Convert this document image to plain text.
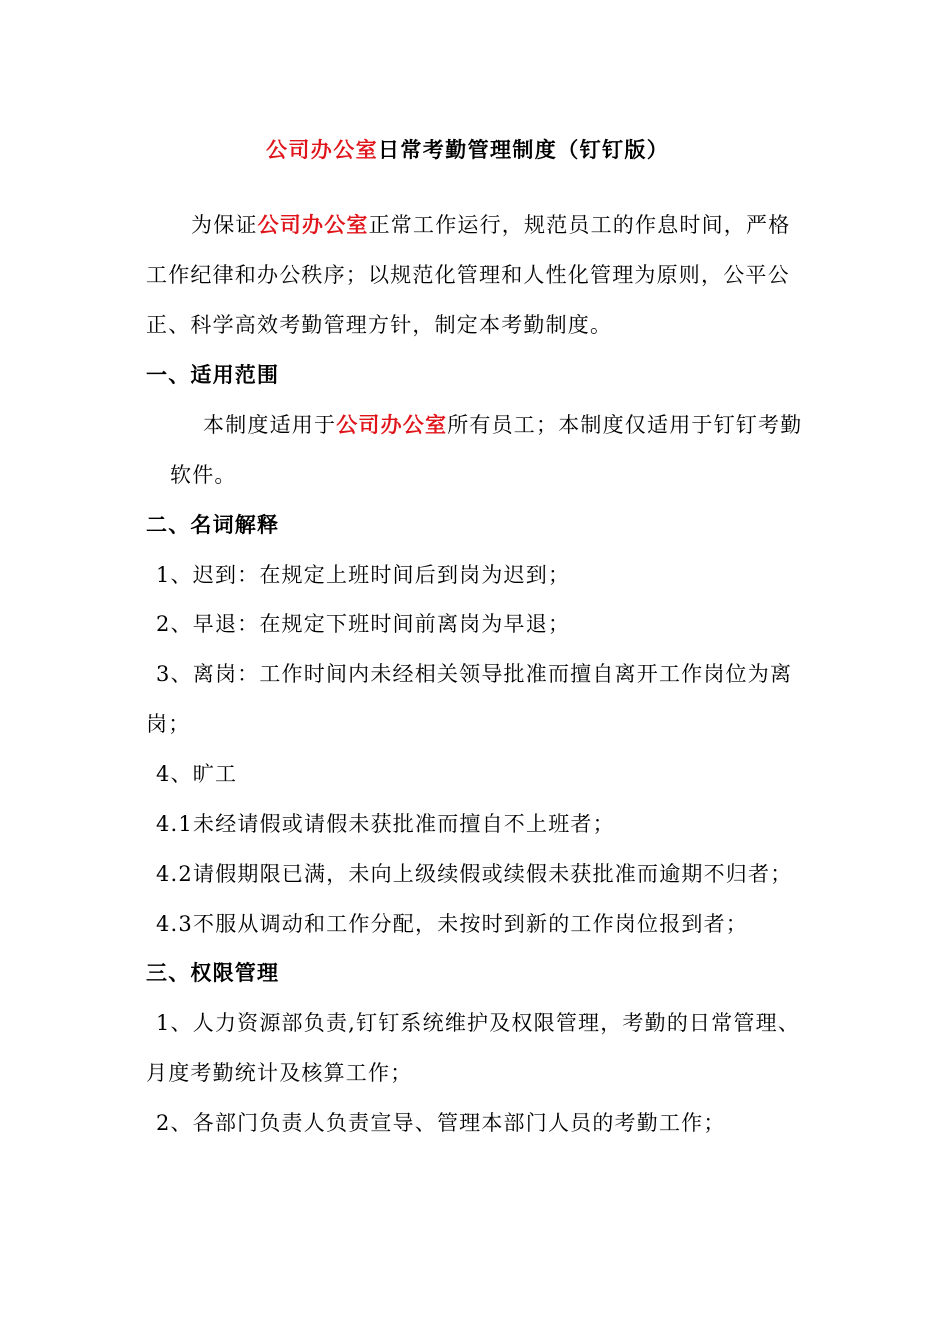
公司办公室日常考勤管理制度（钉钉版）
为保证公司办公室正常工作运行，规范员工的作息时间，严格
工作纪律和办公秩序；以规范化管理和人性化管理为原则，公平公
正、科学高效考勤管理方针，制定本考勤制度。
一、适用范围
本制度适用于公司办公室所有员工；本制度仅适用于钉钉考勤
软件。
二、名词解释
1、迟到：在规定上班时间后到岗为迟到；
2、早退：在规定下班时间前离岗为早退；
3、离岗：工作时间内未经相关领导批准而擅自离开工作岗位为离
岗；
4、旷工
4.1未经请假或请假未获批准而擅自不上班者；
4.2请假期限已满，未向上级续假或续假未获批准而逾期不归者；
4.3不服从调动和工作分配，未按时到新的工作岗位报到者；
三、权限管理
1、人力资源部负责,钉钉系统维护及权限管理，考勤的日常管理、
月度考勤统计及核算工作；
2、各部门负责人负责宣导、管理本部门人员的考勤工作；
